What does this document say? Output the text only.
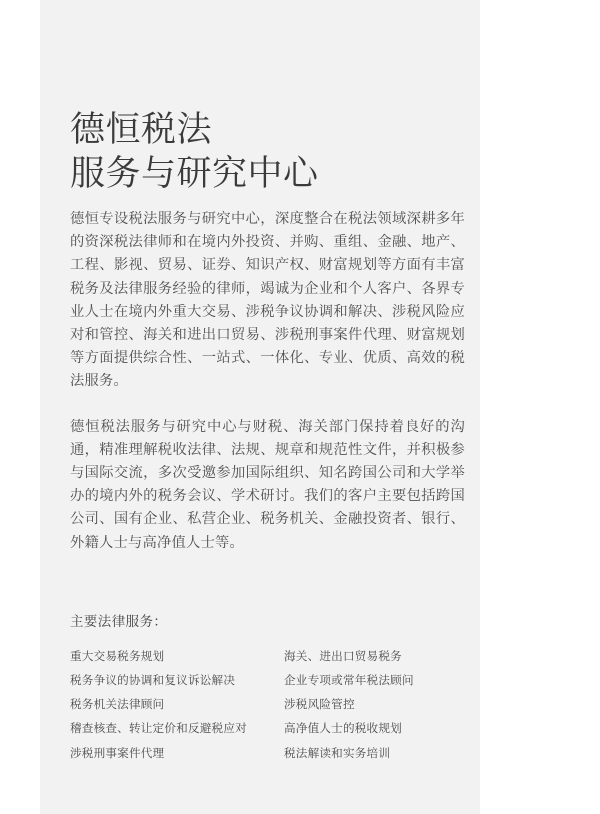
德恒税法
服务与研究中心

德恒专设税法服务与研究中心，深度整合在税法领域深耕多年的资深税法律师和在境内外投资、并购、重组、金融、地产、工程、影视、贸易、证券、知识产权、财富规划等方面有丰富税务及法律服务经验的律师，竭诚为企业和个人客户、各界专业人士在境内外重大交易、涉税争议协调和解决、涉税风险应对和管控、海关和进出口贸易、涉税刑事案件代理、财富规划等方面提供综合性、一站式、一体化、专业、优质、高效的税法服务。

德恒税法服务与研究中心与财税、海关部门保持着良好的沟通，精准理解税收法律、法规、规章和规范性文件，并积极参与国际交流，多次受邀参加国际组织、知名跨国公司和大学举办的境内外的税务会议、学术研讨。我们的客户主要包括跨国公司、国有企业、私营企业、税务机关、金融投资者、银行、外籍人士与高净值人士等。

主要法律服务：
重大交易税务规划	海关、进出口贸易税务
税务争议的协调和复议诉讼解决	企业专项或常年税法顾问
税务机关法律顾问	涉税风险管控
稽查核查、转让定价和反避税应对	高净值人士的税收规划
涉税刑事案件代理	税法解读和实务培训
